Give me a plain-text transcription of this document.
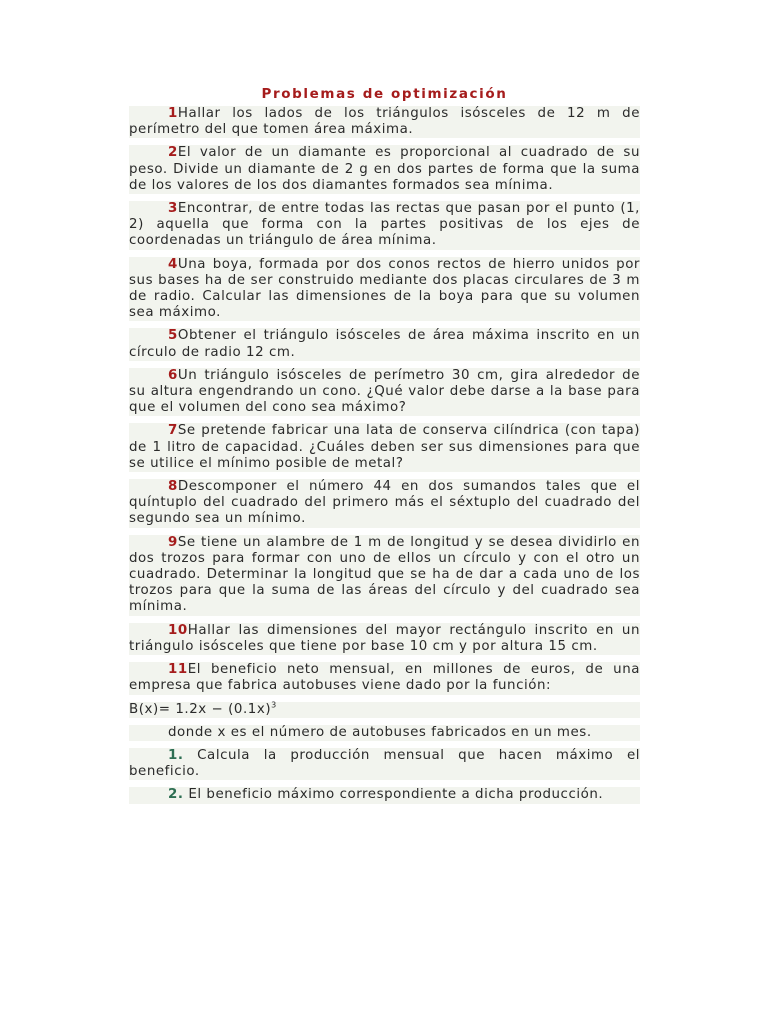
Problemas de optimización
1Hallar los lados de los triángulos isósceles de 12 m de perímetro del que tomen área máxima.
2El valor de un diamante es proporcional al cuadrado de su peso. Divide un diamante de 2 g en dos partes de forma que la suma de los valores de los dos diamantes formados sea mínima.
3Encontrar, de entre todas las rectas que pasan por el punto (1, 2) aquella que forma con la partes positivas de los ejes de coordenadas un triángulo de área mínima.
4Una boya, formada por dos conos rectos de hierro unidos por sus bases ha de ser construido mediante dos placas circulares de 3 m de radio. Calcular las dimensiones de la boya para que su volumen sea máximo.
5Obtener el triángulo isósceles de área máxima inscrito en un círculo de radio 12 cm.
6Un triángulo isósceles de perímetro 30 cm, gira alrededor de su altura engendrando un cono. ¿Qué valor debe darse a la base para que el volumen del cono sea máximo?
7Se pretende fabricar una lata de conserva cilíndrica (con tapa) de 1 litro de capacidad. ¿Cuáles deben ser sus dimensiones para que se utilice el mínimo posible de metal?
8Descomponer el número 44 en dos sumandos tales que el quíntuplo del cuadrado del primero más el séxtuplo del cuadrado del segundo sea un mínimo.
9Se tiene un alambre de 1 m de longitud y se desea dividirlo en dos trozos para formar con uno de ellos un círculo y con el otro un cuadrado. Determinar la longitud que se ha de dar a cada uno de los trozos para que la suma de las áreas del círculo y del cuadrado sea mínima.
10Hallar las dimensiones del mayor rectángulo inscrito en un triángulo isósceles que tiene por base 10 cm y por altura 15 cm.
11El beneficio neto mensual, en millones de euros, de una empresa que fabrica autobuses viene dado por la función:
$B(x)= 1.2x - (0.1x)^3$
donde x es el número de autobuses fabricados en un mes.
1. Calcula la producción mensual que hacen máximo el beneficio.
2. El beneficio máximo correspondiente a dicha producción.
